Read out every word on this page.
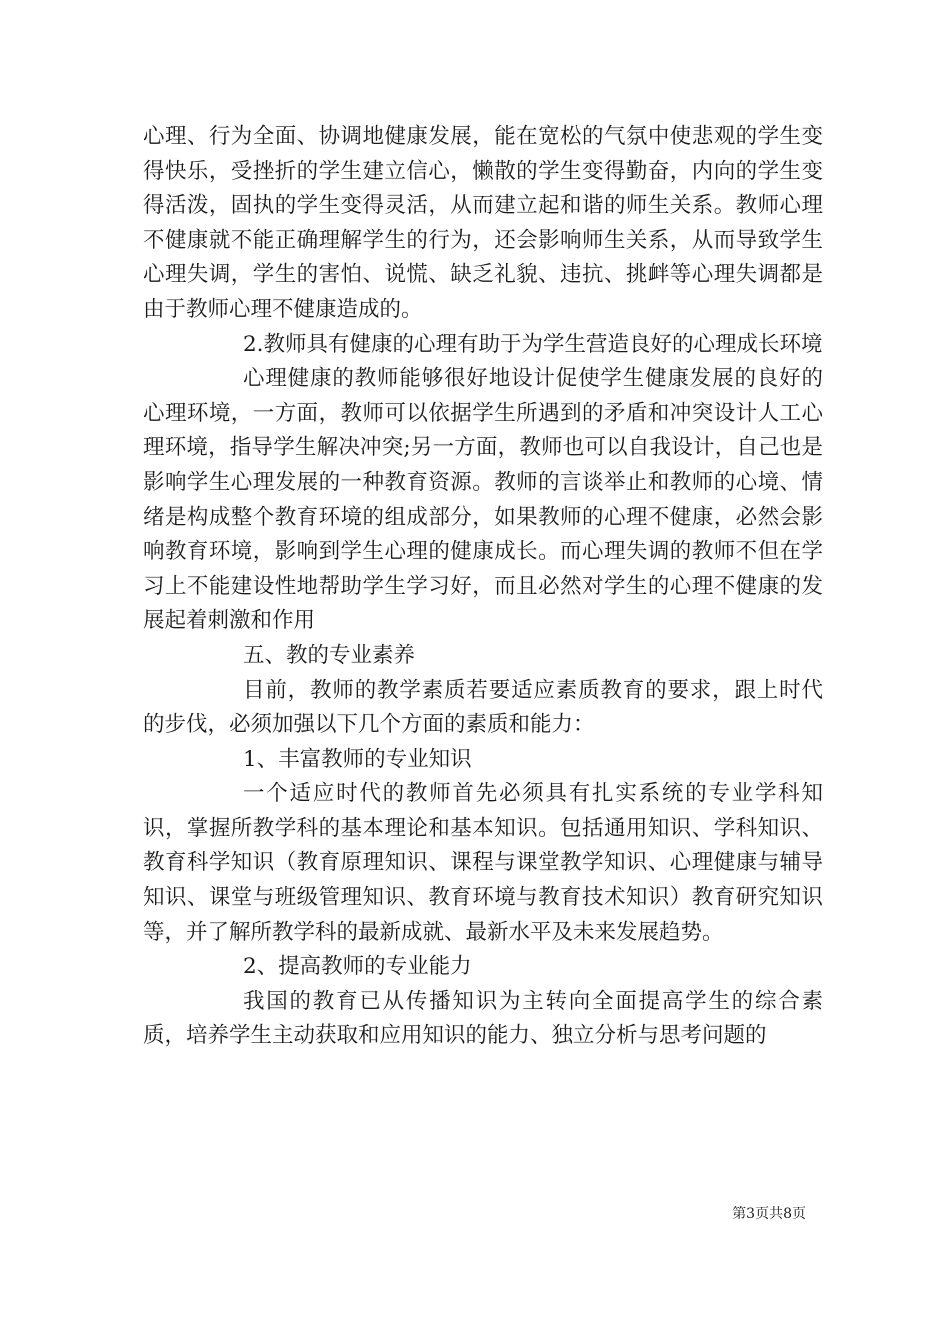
心理、行为全面、协调地健康发展，能在宽松的气氛中使悲观的学生变得快乐，受挫折的学生建立信心，懒散的学生变得勤奋，内向的学生变得活泼，固执的学生变得灵活，从而建立起和谐的师生关系。教师心理不健康就不能正确理解学生的行为，还会影响师生关系，从而导致学生心理失调，学生的害怕、说慌、缺乏礼貌、违抗、挑衅等心理失调都是由于教师心理不健康造成的。

2.教师具有健康的心理有助于为学生营造良好的心理成长环境

心理健康的教师能够很好地设计促使学生健康发展的良好的心理环境，一方面，教师可以依据学生所遇到的矛盾和冲突设计人工心理环境，指导学生解决冲突;另一方面，教师也可以自我设计，自己也是影响学生心理发展的一种教育资源。教师的言谈举止和教师的心境、情绪是构成整个教育环境的组成部分，如果教师的心理不健康，必然会影响教育环境，影响到学生心理的健康成长。而心理失调的教师不但在学习上不能建设性地帮助学生学习好，而且必然对学生的心理不健康的发展起着刺激和作用

五、教的专业素养

目前，教师的教学素质若要适应素质教育的要求，跟上时代的步伐，必须加强以下几个方面的素质和能力：

1、丰富教师的专业知识

一个适应时代的教师首先必须具有扎实系统的专业学科知识，掌握所教学科的基本理论和基本知识。包括通用知识、学科知识、教育科学知识（教育原理知识、课程与课堂教学知识、心理健康与辅导知识、课堂与班级管理知识、教育环境与教育技术知识）教育研究知识等，并了解所教学科的最新成就、最新水平及未来发展趋势。

2、提高教师的专业能力

我国的教育已从传播知识为主转向全面提高学生的综合素质，培养学生主动获取和应用知识的能力、独立分析与思考问题的

第3页共8页
